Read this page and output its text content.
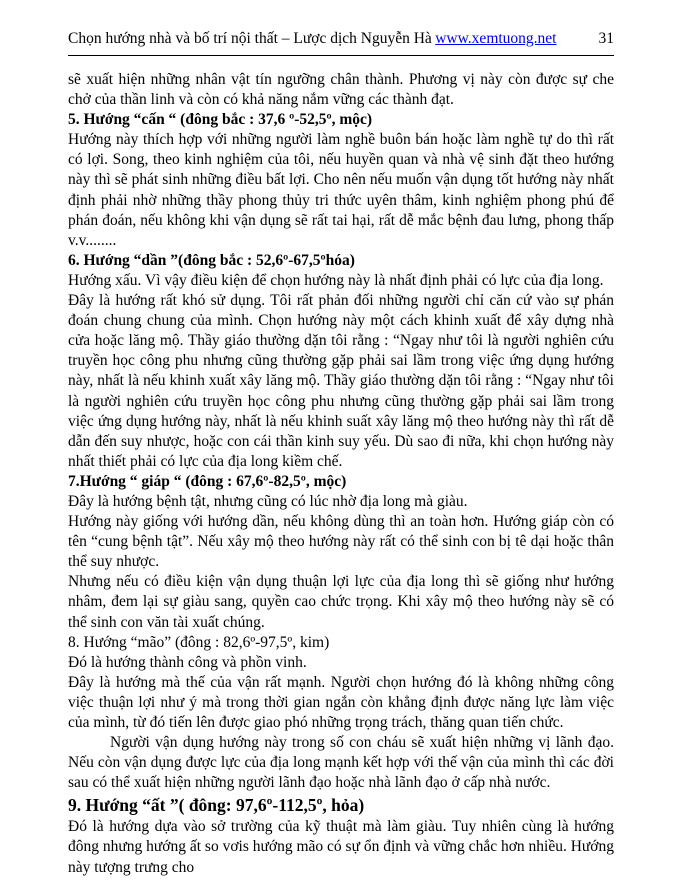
Chọn hướng nhà và bố trí nội thất – Lược dịch Nguyễn Hà www.xemtuong.net	31

sẽ xuất hiện những nhân vật tín ngưỡng chân thành. Phương vị này còn được sự che chở của thần linh và còn có khả năng nắm vững các thành đạt.

5. Hướng “cấn “ (đông bắc : 37,6 º-52,5º, mộc)

Hướng này thích hợp với những người làm nghề buôn bán hoặc làm nghề tự do thì rất có lợi. Song, theo kinh nghiệm của tôi, nếu huyền quan và nhà vệ sinh đặt theo hướng này thì sẽ phát sinh những điều bất lợi. Cho nên nếu muốn vận dụng tốt hướng này nhất định phải nhờ những thầy phong thủy tri thức uyên thâm, kinh nghiệm phong phú để phán đoán, nếu không khi vận dụng sẽ rất tai hại, rất dễ mắc bệnh đau lưng, phong thấp v.v........

6. Hướng “dần ”(đông bắc : 52,6º-67,5ºhóa)

Hướng xấu. Vì vậy điều kiện để chọn hướng này là nhất định phải có lực của địa long.

Đây là hướng rất khó sử dụng. Tôi rất phản đối những người chỉ căn cứ vào sự phán đoán chung chung của mình. Chọn hướng này một cách khinh xuất để xây dựng nhà cửa hoặc lăng mộ. Thầy giáo thường dặn tôi rằng : “Ngay như tôi là người nghiên cứu truyền học công phu nhưng cũng thường gặp phải sai lầm trong việc ứng dụng hướng này, nhất là nếu khinh xuất xây lăng mộ. Thầy giáo thường dặn tôi rằng : “Ngay như tôi là người nghiên cứu truyền học công phu nhưng cũng thường gặp phải sai lầm trong việc ứng dụng hướng này, nhất là nếu khinh suất xây lăng mộ theo hướng này thì rất dễ dẫn đến suy nhược, hoặc con cái thần kinh suy yếu. Dù sao đi nữa, khi chọn hướng này nhất thiết phải có lực của địa long kiềm chế.

7.Hướng “ giáp “ (đông : 67,6º-82,5º, mộc)

Đây là hướng bệnh tật, nhưng cũng có lúc nhờ địa long mà giàu.

Hướng này giống với hướng dần, nếu không dùng thì an toàn hơn. Hướng giáp còn có tên “cung bệnh tật”. Nếu xây mộ theo hướng này rất có thể sinh con bị tê dại hoặc thân thể suy nhược.

Nhưng nếu có điều kiện vận dụng thuận lợi lực của địa long thì sẽ giống như hướng nhâm, đem lại sự giàu sang, quyền cao chức trọng. Khi xây mộ theo hướng này sẽ có thể sinh con văn tài xuất chúng.

8. Hướng “mão” (đông : 82,6º-97,5º, kim)

Đó là hướng thành công và phồn vinh.

Đây là hướng mà thế của vận rất mạnh. Người chọn hướng đó là không những công việc thuận lợi như ý mà trong thời gian ngắn còn khẳng định được năng lực làm việc của mình, từ đó tiến lên được giao phó những trọng trách, thăng quan tiến chức.

Người vận dụng hướng này trong số con cháu sẽ xuất hiện những vị lãnh đạo. Nếu còn vận dụng được lực của địa long mạnh kết hợp với thế vận của mình thì các đời sau có thể xuất hiện những người lãnh đạo hoặc nhà lãnh đạo ở cấp nhà nước.

9. Hướng “ất ”( đông: 97,6º-112,5º, hỏa)

Đó là hướng dựa vào sở trường của kỹ thuật mà làm giàu. Tuy nhiên cùng là hướng đông nhưng hướng ất so vơis hướng mão có sự ổn định và vững chắc hơn nhiều. Hướng này tượng trưng cho
